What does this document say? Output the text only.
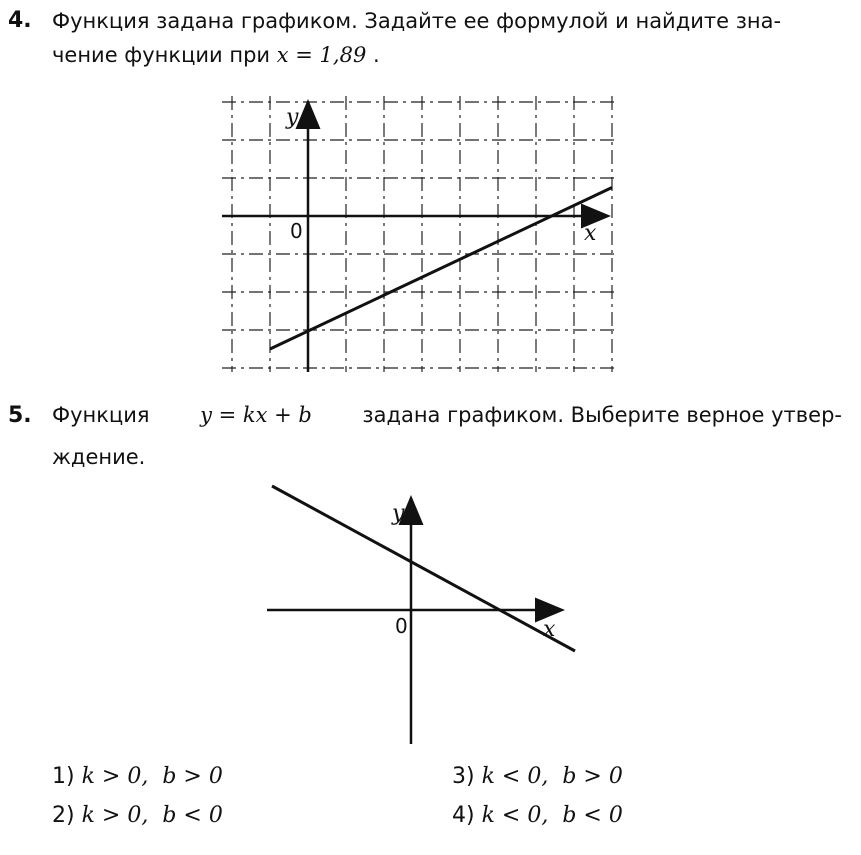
4. Функция задана графиком. Задайте ее формулой и найдите зна-
чение функции при x = 1,89 .
y
x
0
5. Функция y = kx + b задана графиком. Выберите верное утвер-
ждение.
y
x
0
1) k > 0,  b > 0
2) k > 0,  b < 0
3) k < 0,  b > 0
4) k < 0,  b < 0
